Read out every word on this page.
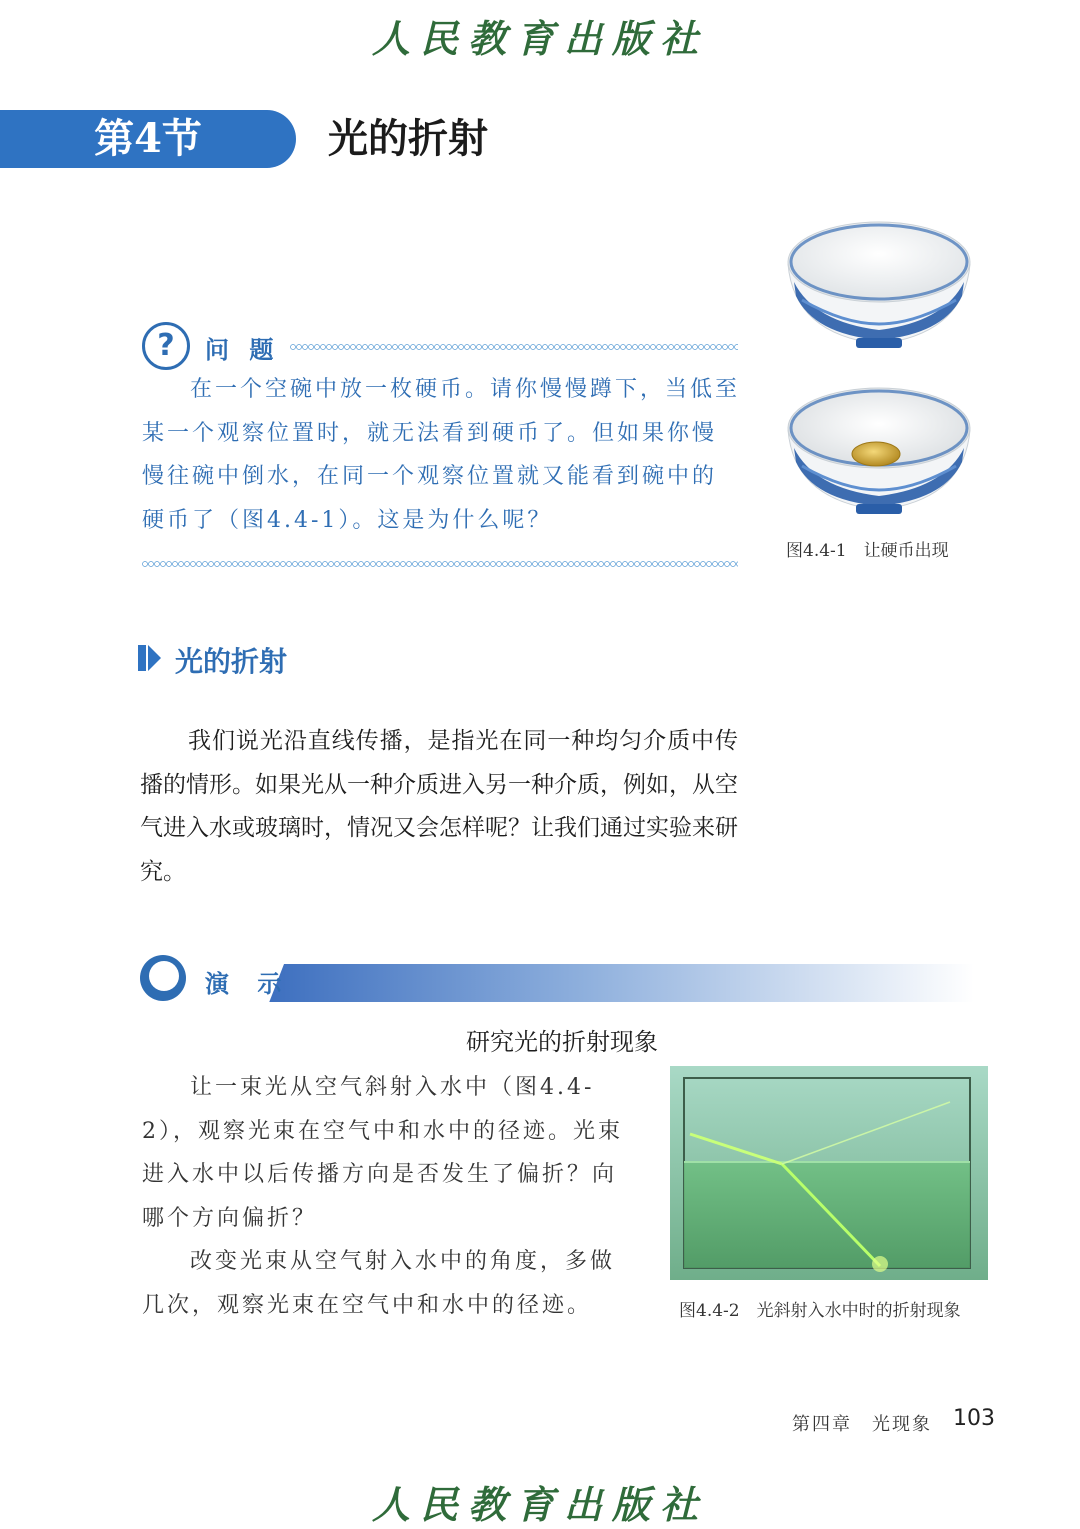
人民教育出版社
第4节	光的折射
?	问 题
在一个空碗中放一枚硬币。请你慢慢蹲下，当低至某一个观察位置时，就无法看到硬币了。但如果你慢慢往碗中倒水，在同一个观察位置就又能看到碗中的硬币了（图4.4-1）。这是为什么呢？
图4.4-1　让硬币出现
光的折射
我们说光沿直线传播，是指光在同一种均匀介质中传播的情形。如果光从一种介质进入另一种介质，例如，从空气进入水或玻璃时，情况又会怎样呢？让我们通过实验来研究。
演 示
研究光的折射现象

让一束光从空气斜射入水中（图4.4-2），观察光束在空气中和水中的径迹。光束进入水中以后传播方向是否发生了偏折？向哪个方向偏折？

改变光束从空气射入水中的角度，多做几次，观察光束在空气中和水中的径迹。	图4.4-2　光斜射入水中时的折射现象
第四章　光现象 103
人民教育出版社
